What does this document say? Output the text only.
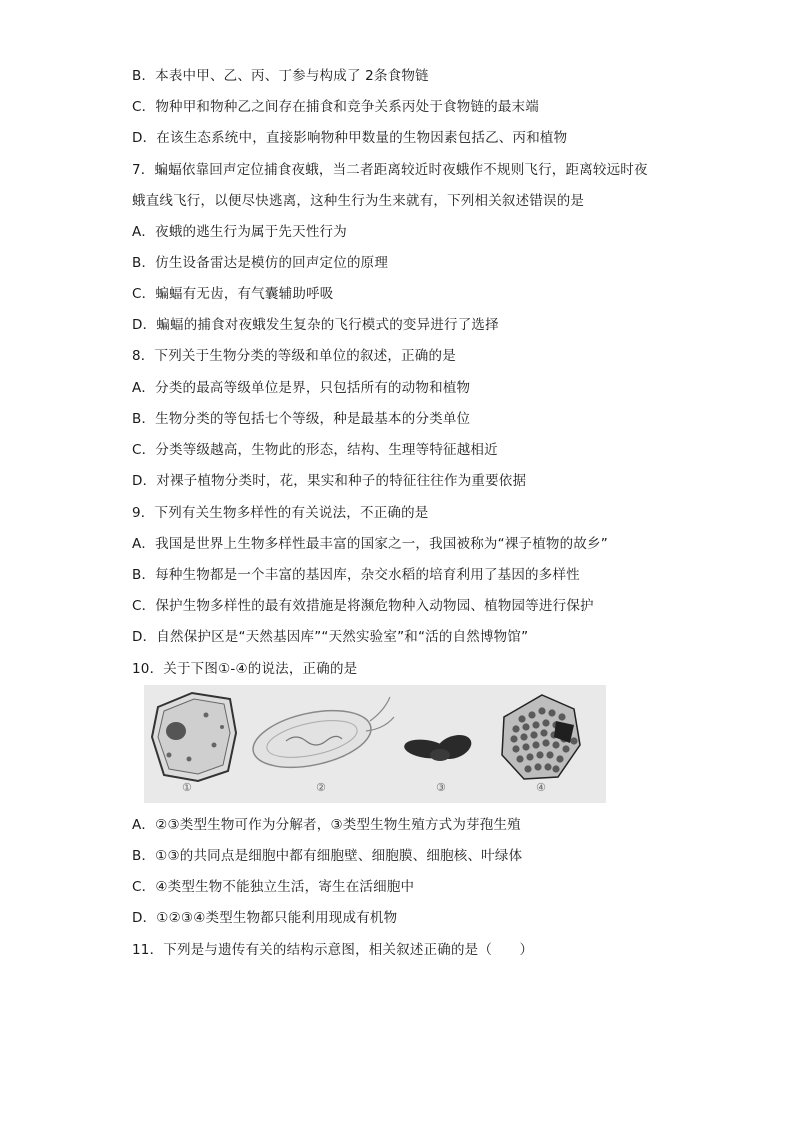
B．本表中甲、乙、丙、丁参与构成了 2条食物链
C．物种甲和物种乙之间存在捕食和竞争关系丙处于食物链的最末端
D．在该生态系统中，直接影响物种甲数量的生物因素包括乙、丙和植物
7．蝙蝠依靠回声定位捕食夜蛾，当二者距离较近时夜蛾作不规则飞行，距离较远时夜
蛾直线飞行，以便尽快逃离，这种生行为生来就有，下列相关叙述错误的是
A．夜蛾的逃生行为属于先天性行为
B．仿生设备雷达是模仿的回声定位的原理
C．蝙蝠有无齿，有气囊辅助呼吸
D．蝙蝠的捕食对夜蛾发生复杂的飞行模式的变异进行了选择
8．下列关于生物分类的等级和单位的叙述，正确的是
A．分类的最高等级单位是界，只包括所有的动物和植物
B．生物分类的等包括七个等级，种是最基本的分类单位
C．分类等级越高，生物此的形态，结构、生理等特征越相近
D．对裸子植物分类时，花，果实和种子的特征往往作为重要依据
9．下列有关生物多样性的有关说法，不正确的是
A．我国是世界上生物多样性最丰富的国家之一，我国被称为“裸子植物的故乡”
B．每种生物都是一个丰富的基因库，杂交水稻的培育利用了基因的多样性
C．保护生物多样性的最有效措施是将濒危物种入动物园、植物园等进行保护
D．自然保护区是“天然基因库”“天然实验室”和“活的自然博物馆”
10．关于下图①-④的说法，正确的是
①	②	③	④
A．②③类型生物可作为分解者，③类型生物生殖方式为芽孢生殖
B．①③的共同点是细胞中都有细胞壁、细胞膜、细胞核、叶绿体
C．④类型生物不能独立生活，寄生在活细胞中
D．①②③④类型生物都只能利用现成有机物
11．下列是与遗传有关的结构示意图，相关叙述正确的是（　　）
